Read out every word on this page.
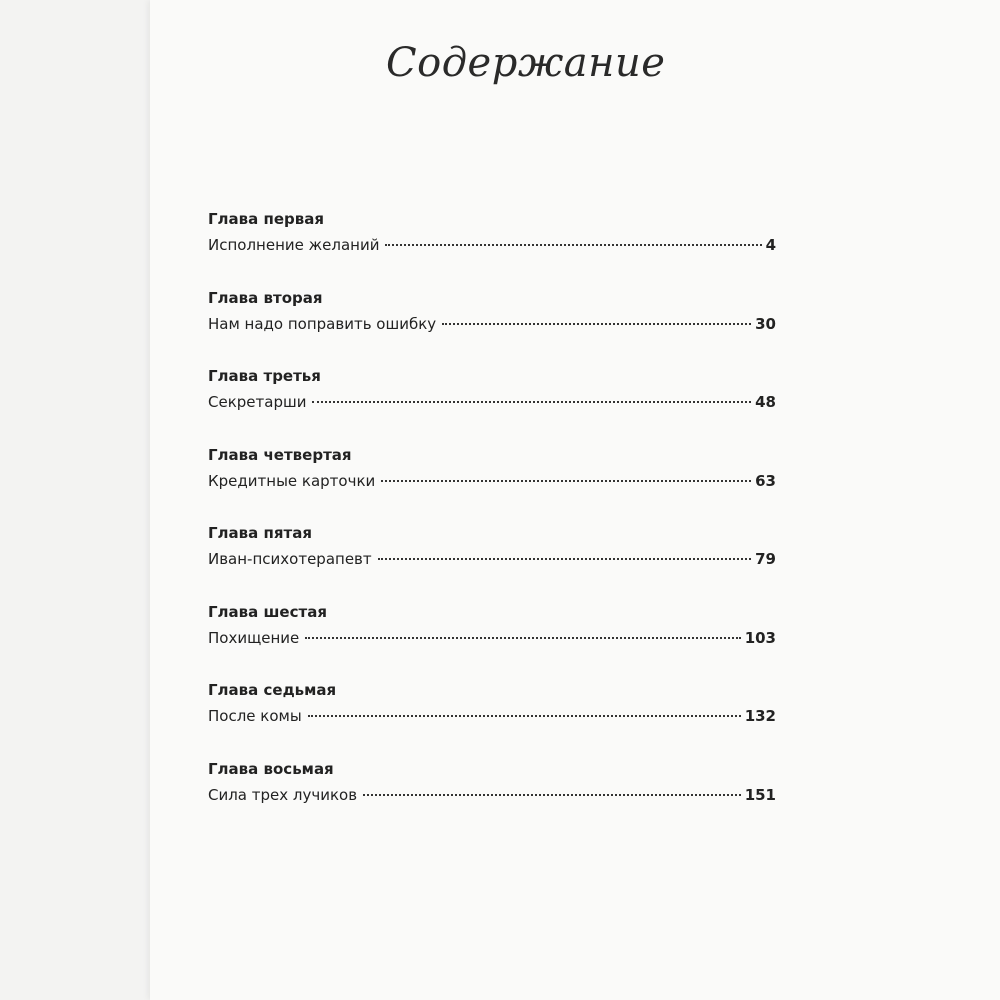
Содержание
Глава первая
Исполнение желаний	4
Глава вторая
Нам надо поправить ошибку	30
Глава третья
Секретарши	48
Глава четвертая
Кредитные карточки	63
Глава пятая
Иван-психотерапевт	79
Глава шестая
Похищение	103
Глава седьмая
После комы	132
Глава восьмая
Сила трех лучиков	151
